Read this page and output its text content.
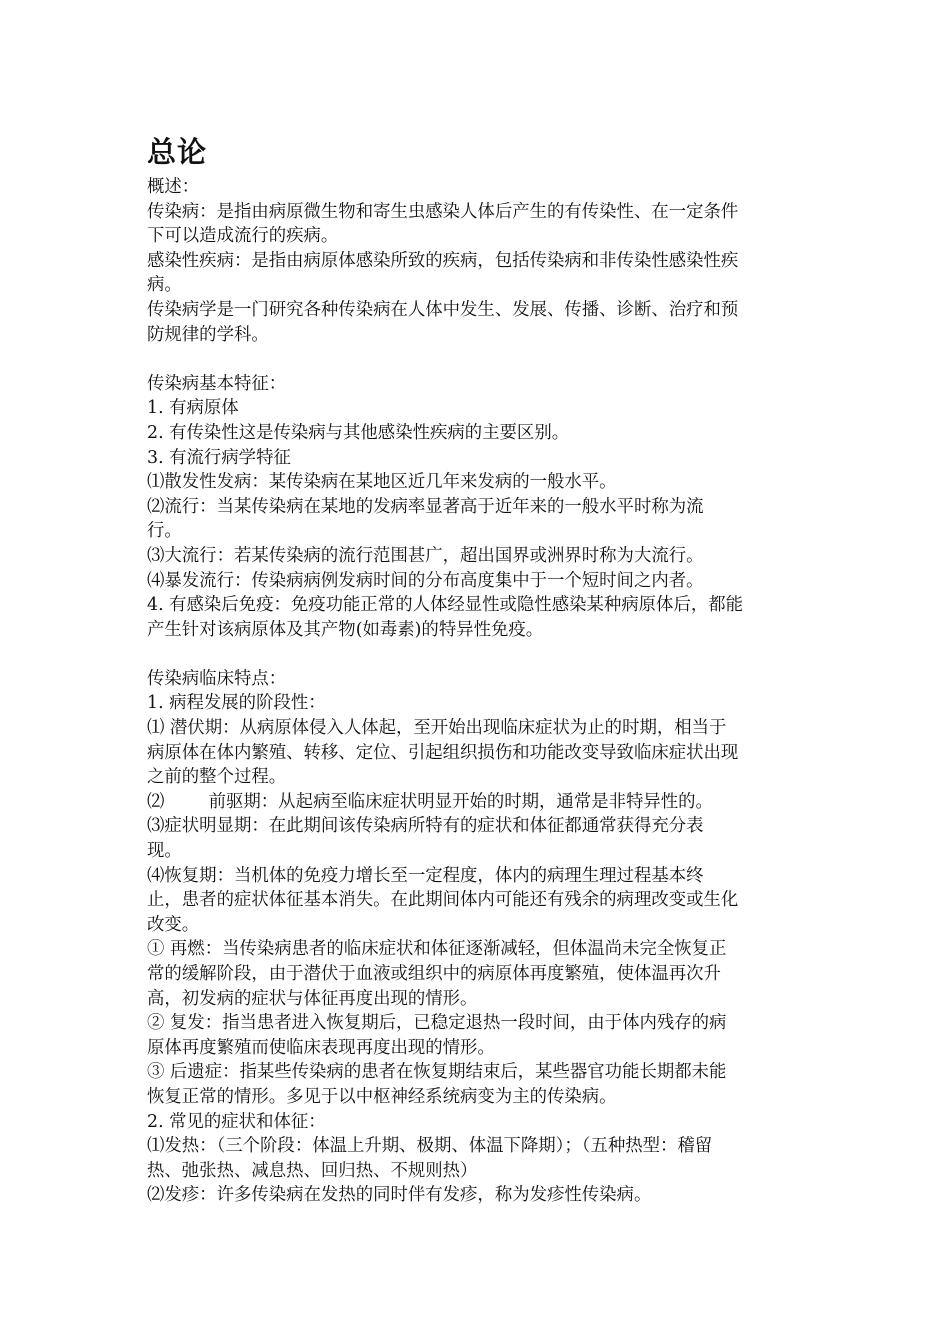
总论

概述：

传染病：是指由病原微生物和寄生虫感染人体后产生的有传染性、在一定条件

下可以造成流行的疾病。

感染性疾病：是指由病原体感染所致的疾病，包括传染病和非传染性感染性疾

病。

传染病学是一门研究各种传染病在人体中发生、发展、传播、诊断、治疗和预

防规律的学科。

传染病基本特征：

1. 有病原体

2. 有传染性这是传染病与其他感染性疾病的主要区别。

3. 有流行病学特征

⑴散发性发病：某传染病在某地区近几年来发病的一般水平。

⑵流行：当某传染病在某地的发病率显著高于近年来的一般水平时称为流

行。

⑶大流行：若某传染病的流行范围甚广，超出国界或洲界时称为大流行。

⑷暴发流行：传染病病例发病时间的分布高度集中于一个短时间之内者。

4. 有感染后免疫：免疫功能正常的人体经显性或隐性感染某种病原体后，都能

产生针对该病原体及其产物(如毒素)的特异性免疫。

传染病临床特点：

1. 病程发展的阶段性：

⑴ 潜伏期：从病原体侵入人体起，至开始出现临床症状为止的时期，相当于

病原体在体内繁殖、转移、定位、引起组织损伤和功能改变导致临床症状出现

之前的整个过程。

⑵        前驱期：从起病至临床症状明显开始的时期，通常是非特异性的。

⑶症状明显期：在此期间该传染病所特有的症状和体征都通常获得充分表

现。

⑷恢复期：当机体的免疫力增长至一定程度，体内的病理生理过程基本终

止，患者的症状体征基本消失。在此期间体内可能还有残余的病理改变或生化

改变。

① 再燃：当传染病患者的临床症状和体征逐渐减轻，但体温尚未完全恢复正

常的缓解阶段，由于潜伏于血液或组织中的病原体再度繁殖，使体温再次升

高，初发病的症状与体征再度出现的情形。

② 复发：指当患者进入恢复期后，已稳定退热一段时间，由于体内残存的病

原体再度繁殖而使临床表现再度出现的情形。

③ 后遗症：指某些传染病的患者在恢复期结束后，某些器官功能长期都未能

恢复正常的情形。多见于以中枢神经系统病变为主的传染病。

2. 常见的症状和体征：

⑴发热：（三个阶段：体温上升期、极期、体温下降期）；（五种热型：稽留

热、弛张热、减息热、回归热、不规则热）

⑵发疹：许多传染病在发热的同时伴有发疹，称为发疹性传染病。
